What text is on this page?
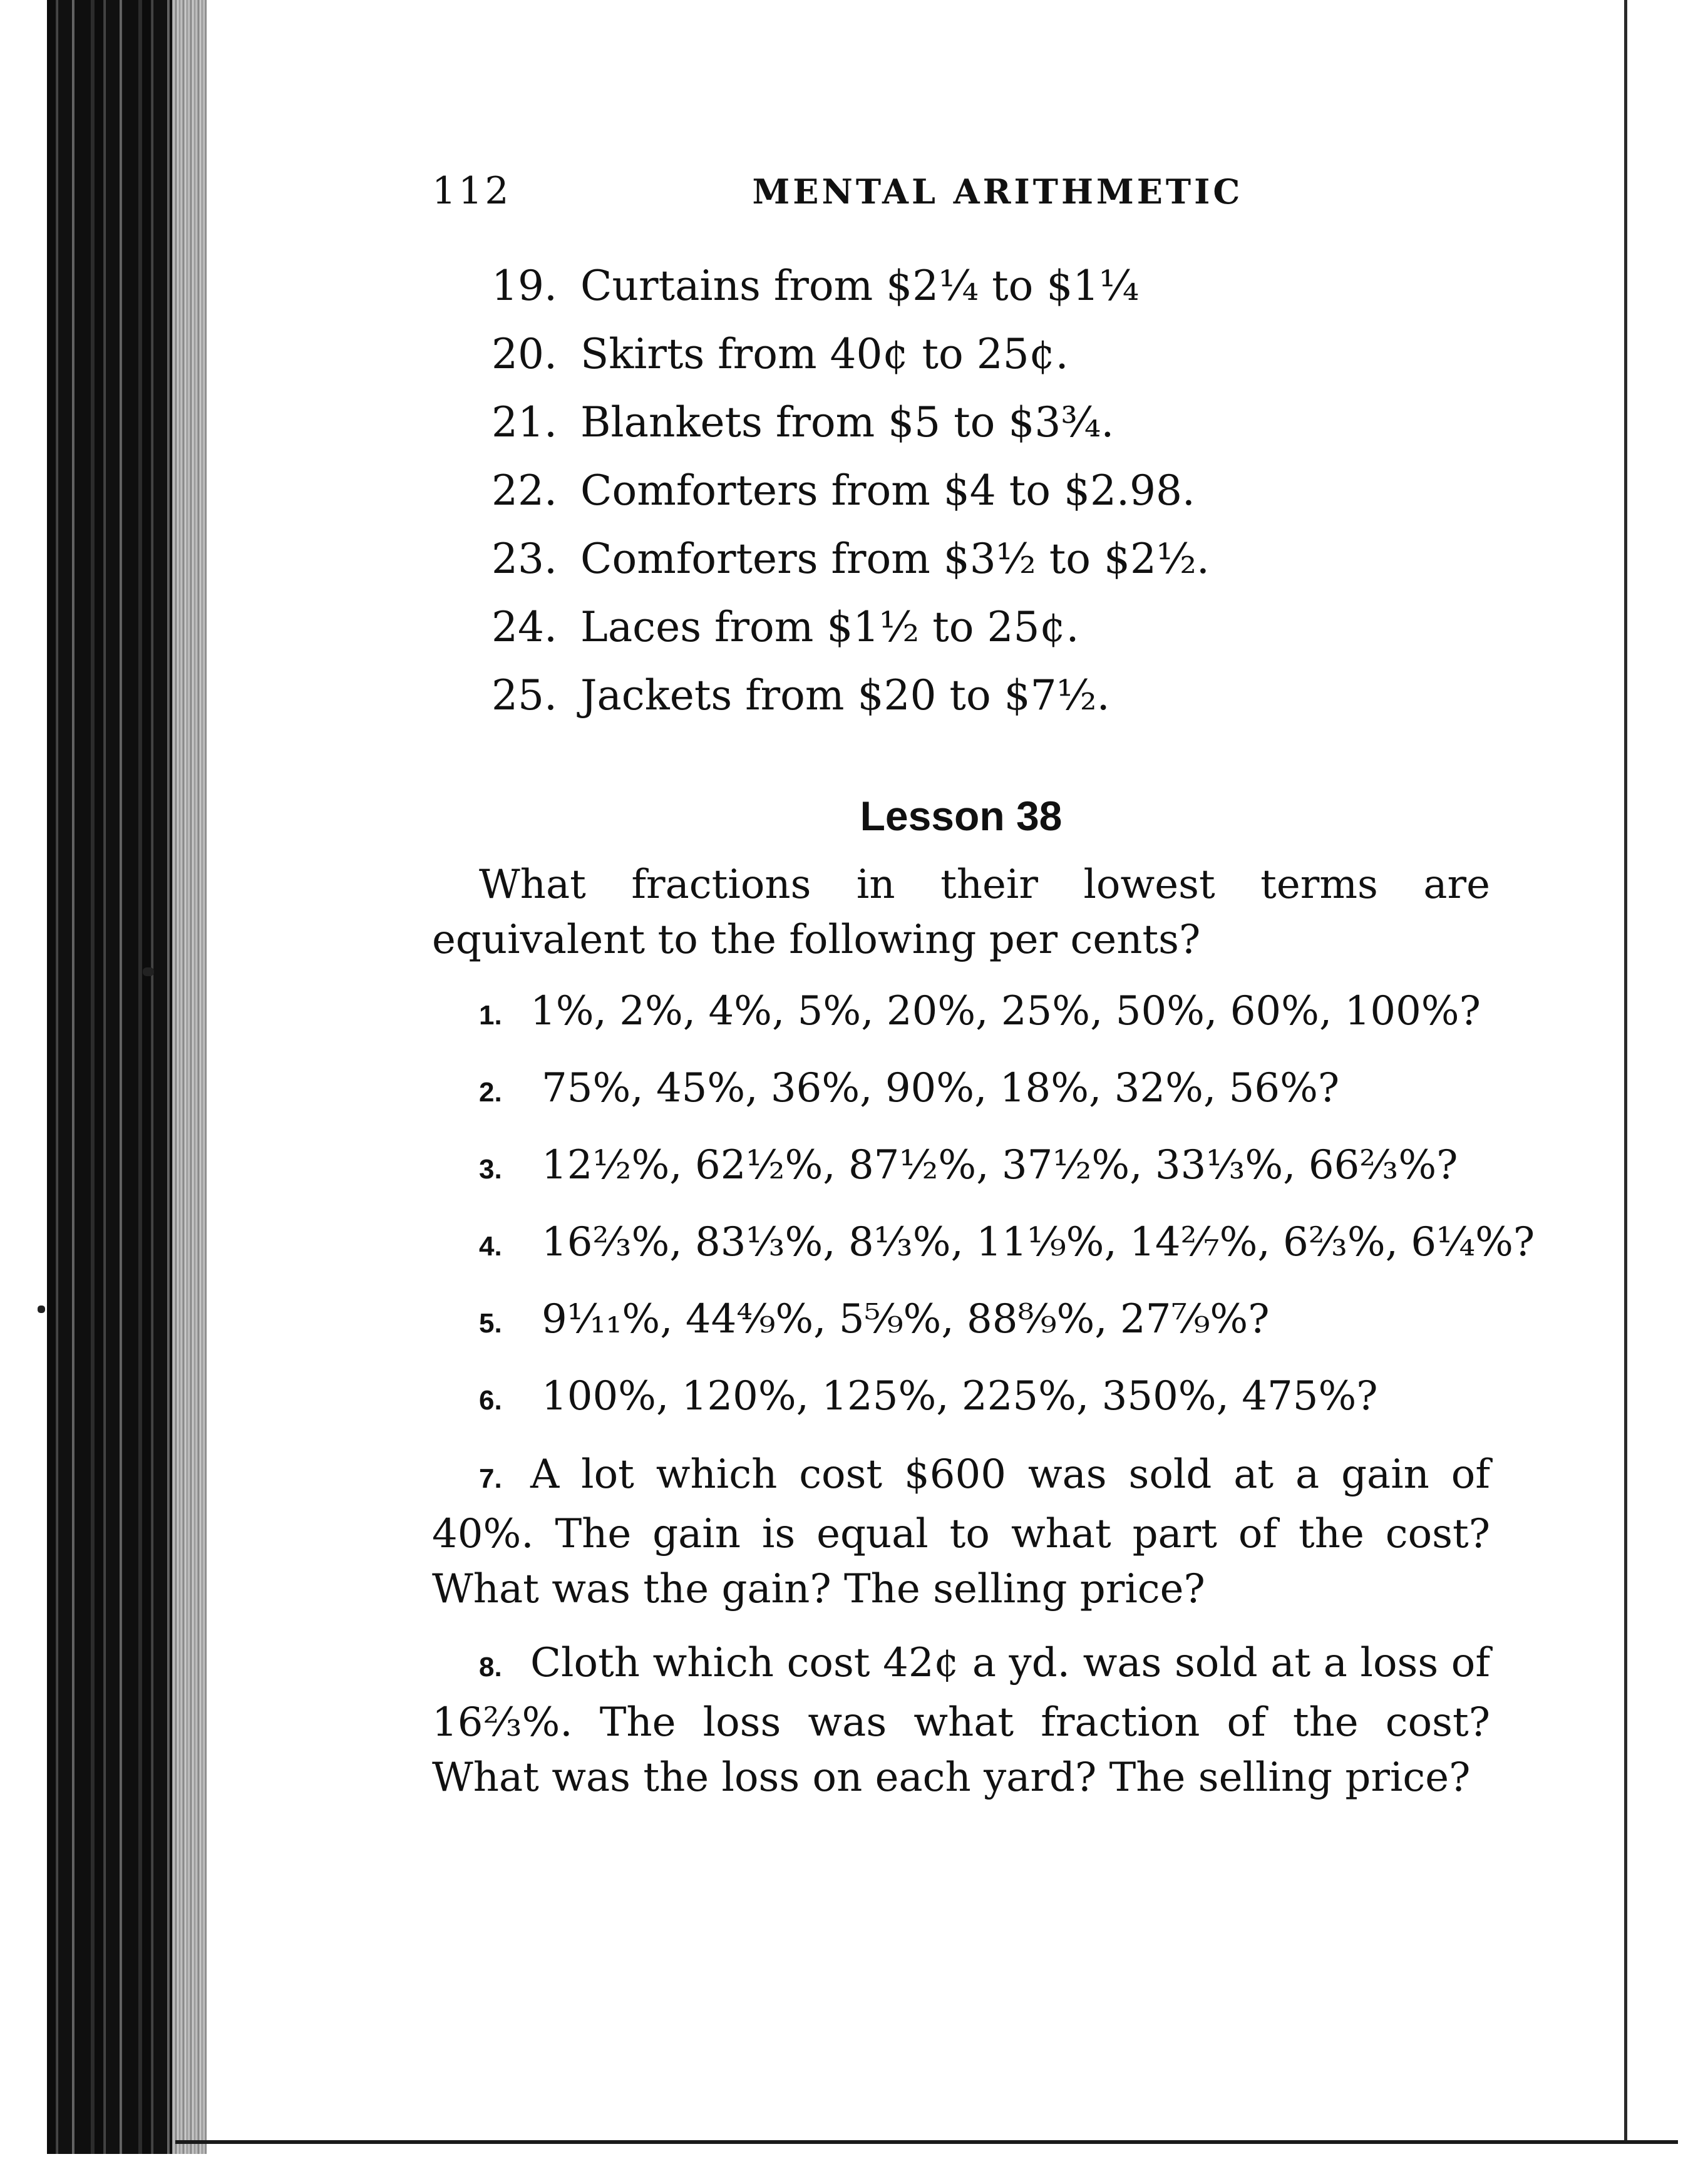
112	MENTAL ARITHMETIC
19. Curtains from $2¼ to $1¼
20. Skirts from 40¢ to 25¢.
21. Blankets from $5 to $3¾.
22. Comforters from $4 to $2.98.
23. Comforters from $3½ to $2½.
24. Laces from $1½ to 25¢.
25. Jackets from $20 to $7½.
Lesson 38

What fractions in their lowest terms are equivalent to the following per cents?

1. 1%, 2%, 4%, 5%, 20%, 25%, 50%, 60%, 100%?

2. 75%, 45%, 36%, 90%, 18%, 32%, 56%?
3. 12½%, 62½%, 87½%, 37½%, 33⅓%, 66⅔%?
4. 16⅔%, 83⅓%, 8⅓%, 11⅑%, 14²⁄₇%, 6⅔%, 6¼%?
5. 9¹⁄₁₁%, 44⁴⁄₉%, 5⁵⁄₉%, 88⁸⁄₉%, 27⁷⁄₉%?
6. 100%, 120%, 125%, 225%, 350%, 475%?

7. A lot which cost $600 was sold at a gain of 40%. The gain is equal to what part of the cost? What was the gain? The selling price?

8. Cloth which cost 42¢ a yd. was sold at a loss of 16⅔%. The loss was what fraction of the cost? What was the loss on each yard? The selling price?
